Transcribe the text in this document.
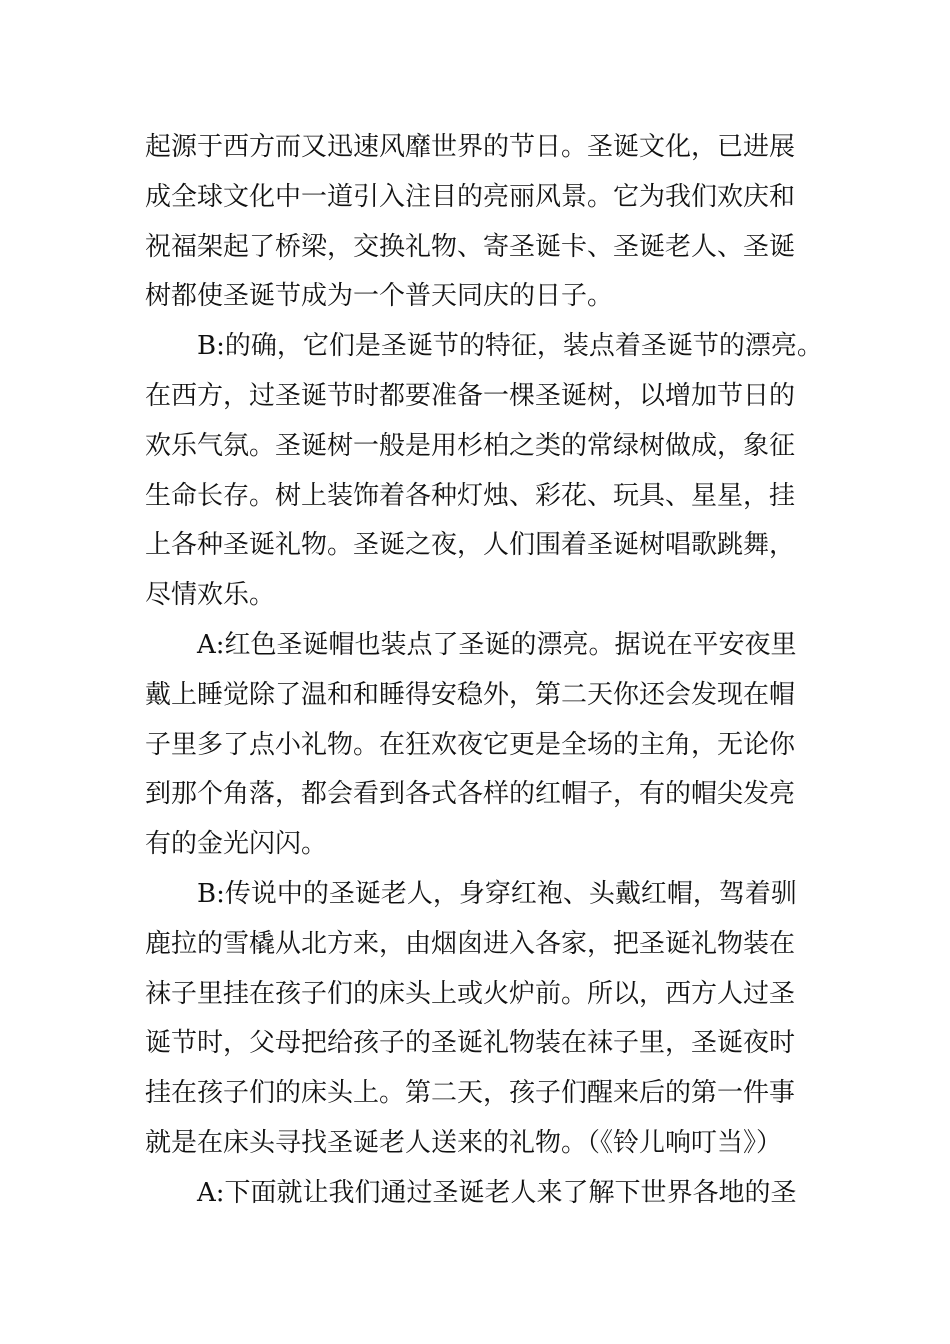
起源于西方而又迅速风靡世界的节日。圣诞文化，已进展
成全球文化中一道引入注目的亮丽风景。它为我们欢庆和
祝福架起了桥梁，交换礼物、寄圣诞卡、圣诞老人、圣诞
树都使圣诞节成为一个普天同庆的日子。
B:的确，它们是圣诞节的特征，装点着圣诞节的漂亮。
在西方，过圣诞节时都要准备一棵圣诞树，以增加节日的
欢乐气氛。圣诞树一般是用杉柏之类的常绿树做成，象征
生命长存。树上装饰着各种灯烛、彩花、玩具、星星，挂
上各种圣诞礼物。圣诞之夜，人们围着圣诞树唱歌跳舞，
尽情欢乐。
A:红色圣诞帽也装点了圣诞的漂亮。据说在平安夜里
戴上睡觉除了温和和睡得安稳外，第二天你还会发现在帽
子里多了点小礼物。在狂欢夜它更是全场的主角，无论你
到那个角落，都会看到各式各样的红帽子，有的帽尖发亮
有的金光闪闪。
B:传说中的圣诞老人，身穿红袍、头戴红帽，驾着驯
鹿拉的雪橇从北方来，由烟囱进入各家，把圣诞礼物装在
袜子里挂在孩子们的床头上或火炉前。所以，西方人过圣
诞节时，父母把给孩子的圣诞礼物装在袜子里，圣诞夜时
挂在孩子们的床头上。第二天，孩子们醒来后的第一件事
就是在床头寻找圣诞老人送来的礼物。（《铃儿响叮当》）
A:下面就让我们通过圣诞老人来了解下世界各地的圣
